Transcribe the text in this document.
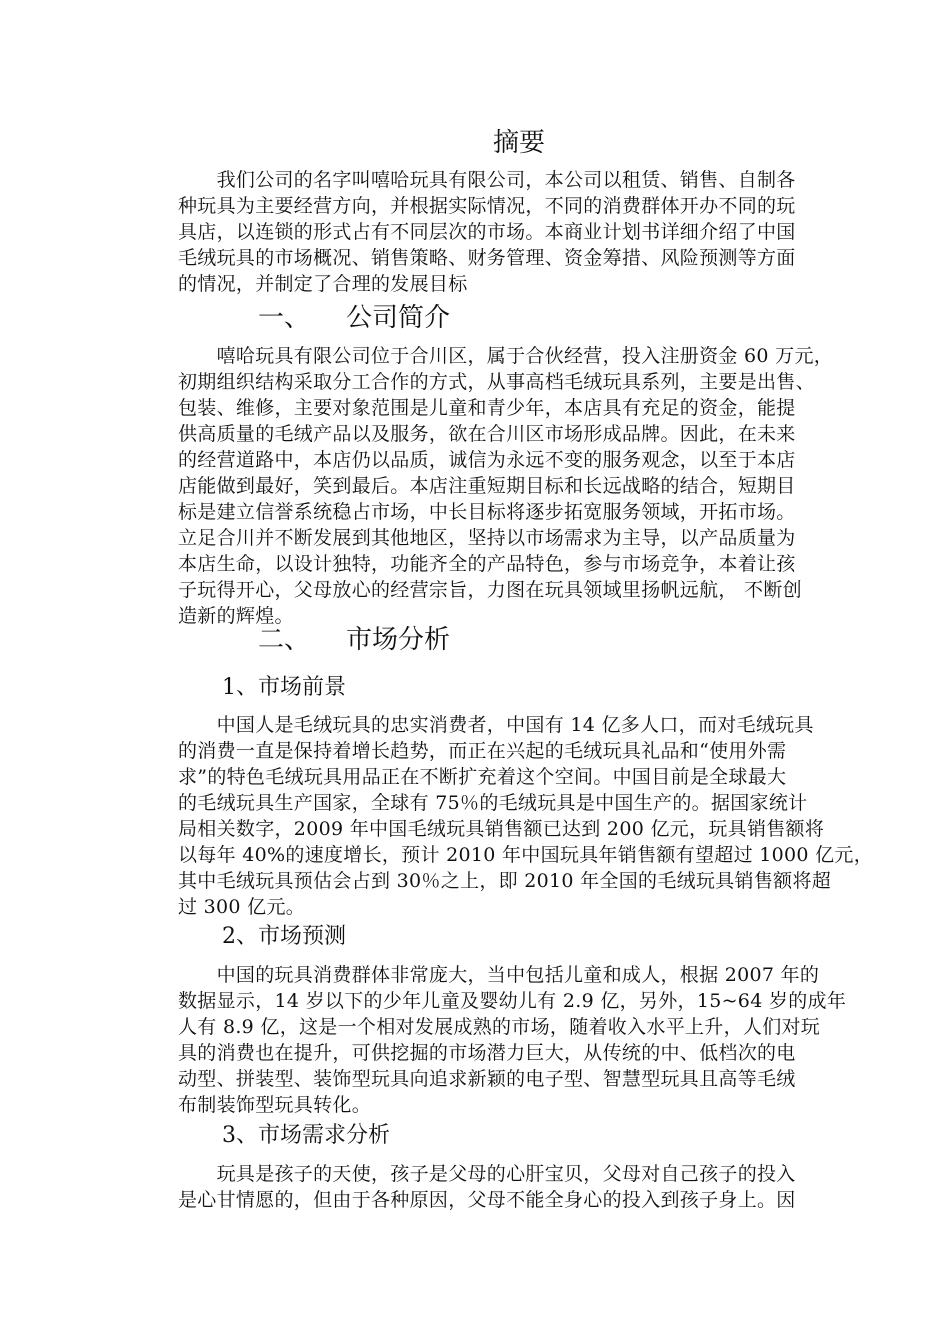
摘要
　　我们公司的名字叫嘻哈玩具有限公司，本公司以租赁、销售、自制各
种玩具为主要经营方向，并根据实际情况，不同的消费群体开办不同的玩
具店，以连锁的形式占有不同层次的市场。本商业计划书详细介绍了中国
毛绒玩具的市场概况、销售策略、财务管理、资金筹措、风险预测等方面
的情况，并制定了合理的发展目标
一、 公司简介
　　嘻哈玩具有限公司位于合川区，属于合伙经营，投入注册资金 60 万元，
初期组织结构采取分工合作的方式，从事高档毛绒玩具系列，主要是出售、
包装、维修，主要对象范围是儿童和青少年，本店具有充足的资金，能提
供高质量的毛绒产品以及服务，欲在合川区市场形成品牌。因此，在未来
的经营道路中，本店仍以品质，诚信为永远不变的服务观念，以至于本店
店能做到最好，笑到最后。本店注重短期目标和长远战略的结合，短期目
标是建立信誉系统稳占市场，中长目标将逐步拓宽服务领域，开拓市场。
立足合川并不断发展到其他地区，坚持以市场需求为主导，以产品质量为
本店生命，以设计独特，功能齐全的产品特色，参与市场竞争，本着让孩
子玩得开心，父母放心的经营宗旨，力图在玩具领域里扬帆远航， 不断创
造新的辉煌。
二、 市场分析
1、市场前景
　　中国人是毛绒玩具的忠实消费者，中国有 14 亿多人口，而对毛绒玩具
的消费一直是保持着增长趋势，而正在兴起的毛绒玩具礼品和“使用外需
求”的特色毛绒玩具用品正在不断扩充着这个空间。中国目前是全球最大
的毛绒玩具生产国家，全球有 75％的毛绒玩具是中国生产的。据国家统计
局相关数字，2009 年中国毛绒玩具销售额已达到 200 亿元，玩具销售额将
以每年 40%的速度增长，预计 2010 年中国玩具年销售额有望超过 1000 亿元，
其中毛绒玩具预估会占到 30％之上，即 2010 年全国的毛绒玩具销售额将超
过 300 亿元。
2、市场预测
　　中国的玩具消费群体非常庞大，当中包括儿童和成人，根据 2007 年的
数据显示，14 岁以下的少年儿童及婴幼儿有 2.9 亿，另外，15~64 岁的成年
人有 8.9 亿，这是一个相对发展成熟的市场，随着收入水平上升，人们对玩
具的消费也在提升，可供挖掘的市场潜力巨大，从传统的中、低档次的电
动型、拼装型、装饰型玩具向追求新颖的电子型、智慧型玩具且高等毛绒
布制装饰型玩具转化。
3、市场需求分析
　　玩具是孩子的天使，孩子是父母的心肝宝贝，父母对自己孩子的投入
是心甘情愿的，但由于各种原因，父母不能全身心的投入到孩子身上。因
